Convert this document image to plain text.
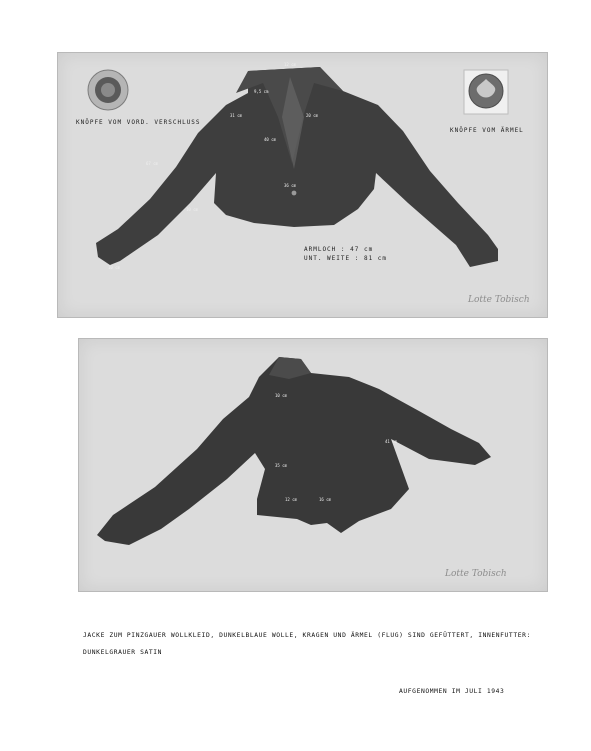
KNÖPFE VOM VORD. VERSCHLUSS
KNÖPFE VOM ÄRMEL
12 cm
9,5 cm
40 cm
36 cm
67 cm
10 cm
31 cm	20 cm
10 cm
ARMLOCH : 47 cm
UNT. WEITE : 81 cm
Lotte Tobisch
10 cm
35 cm
12 cm	16 cm
41 cm
Lotte Tobisch
JACKE ZUM PINZGAUER WOLLKLEID, DUNKELBLAUE WOLLE, KRAGEN UND ÄRMEL (FLUG) SIND GEFÜTTERT, INNENFUTTER: DUNKELGRAUER SATIN
AUFGENOMMEN IM JULI 1943
